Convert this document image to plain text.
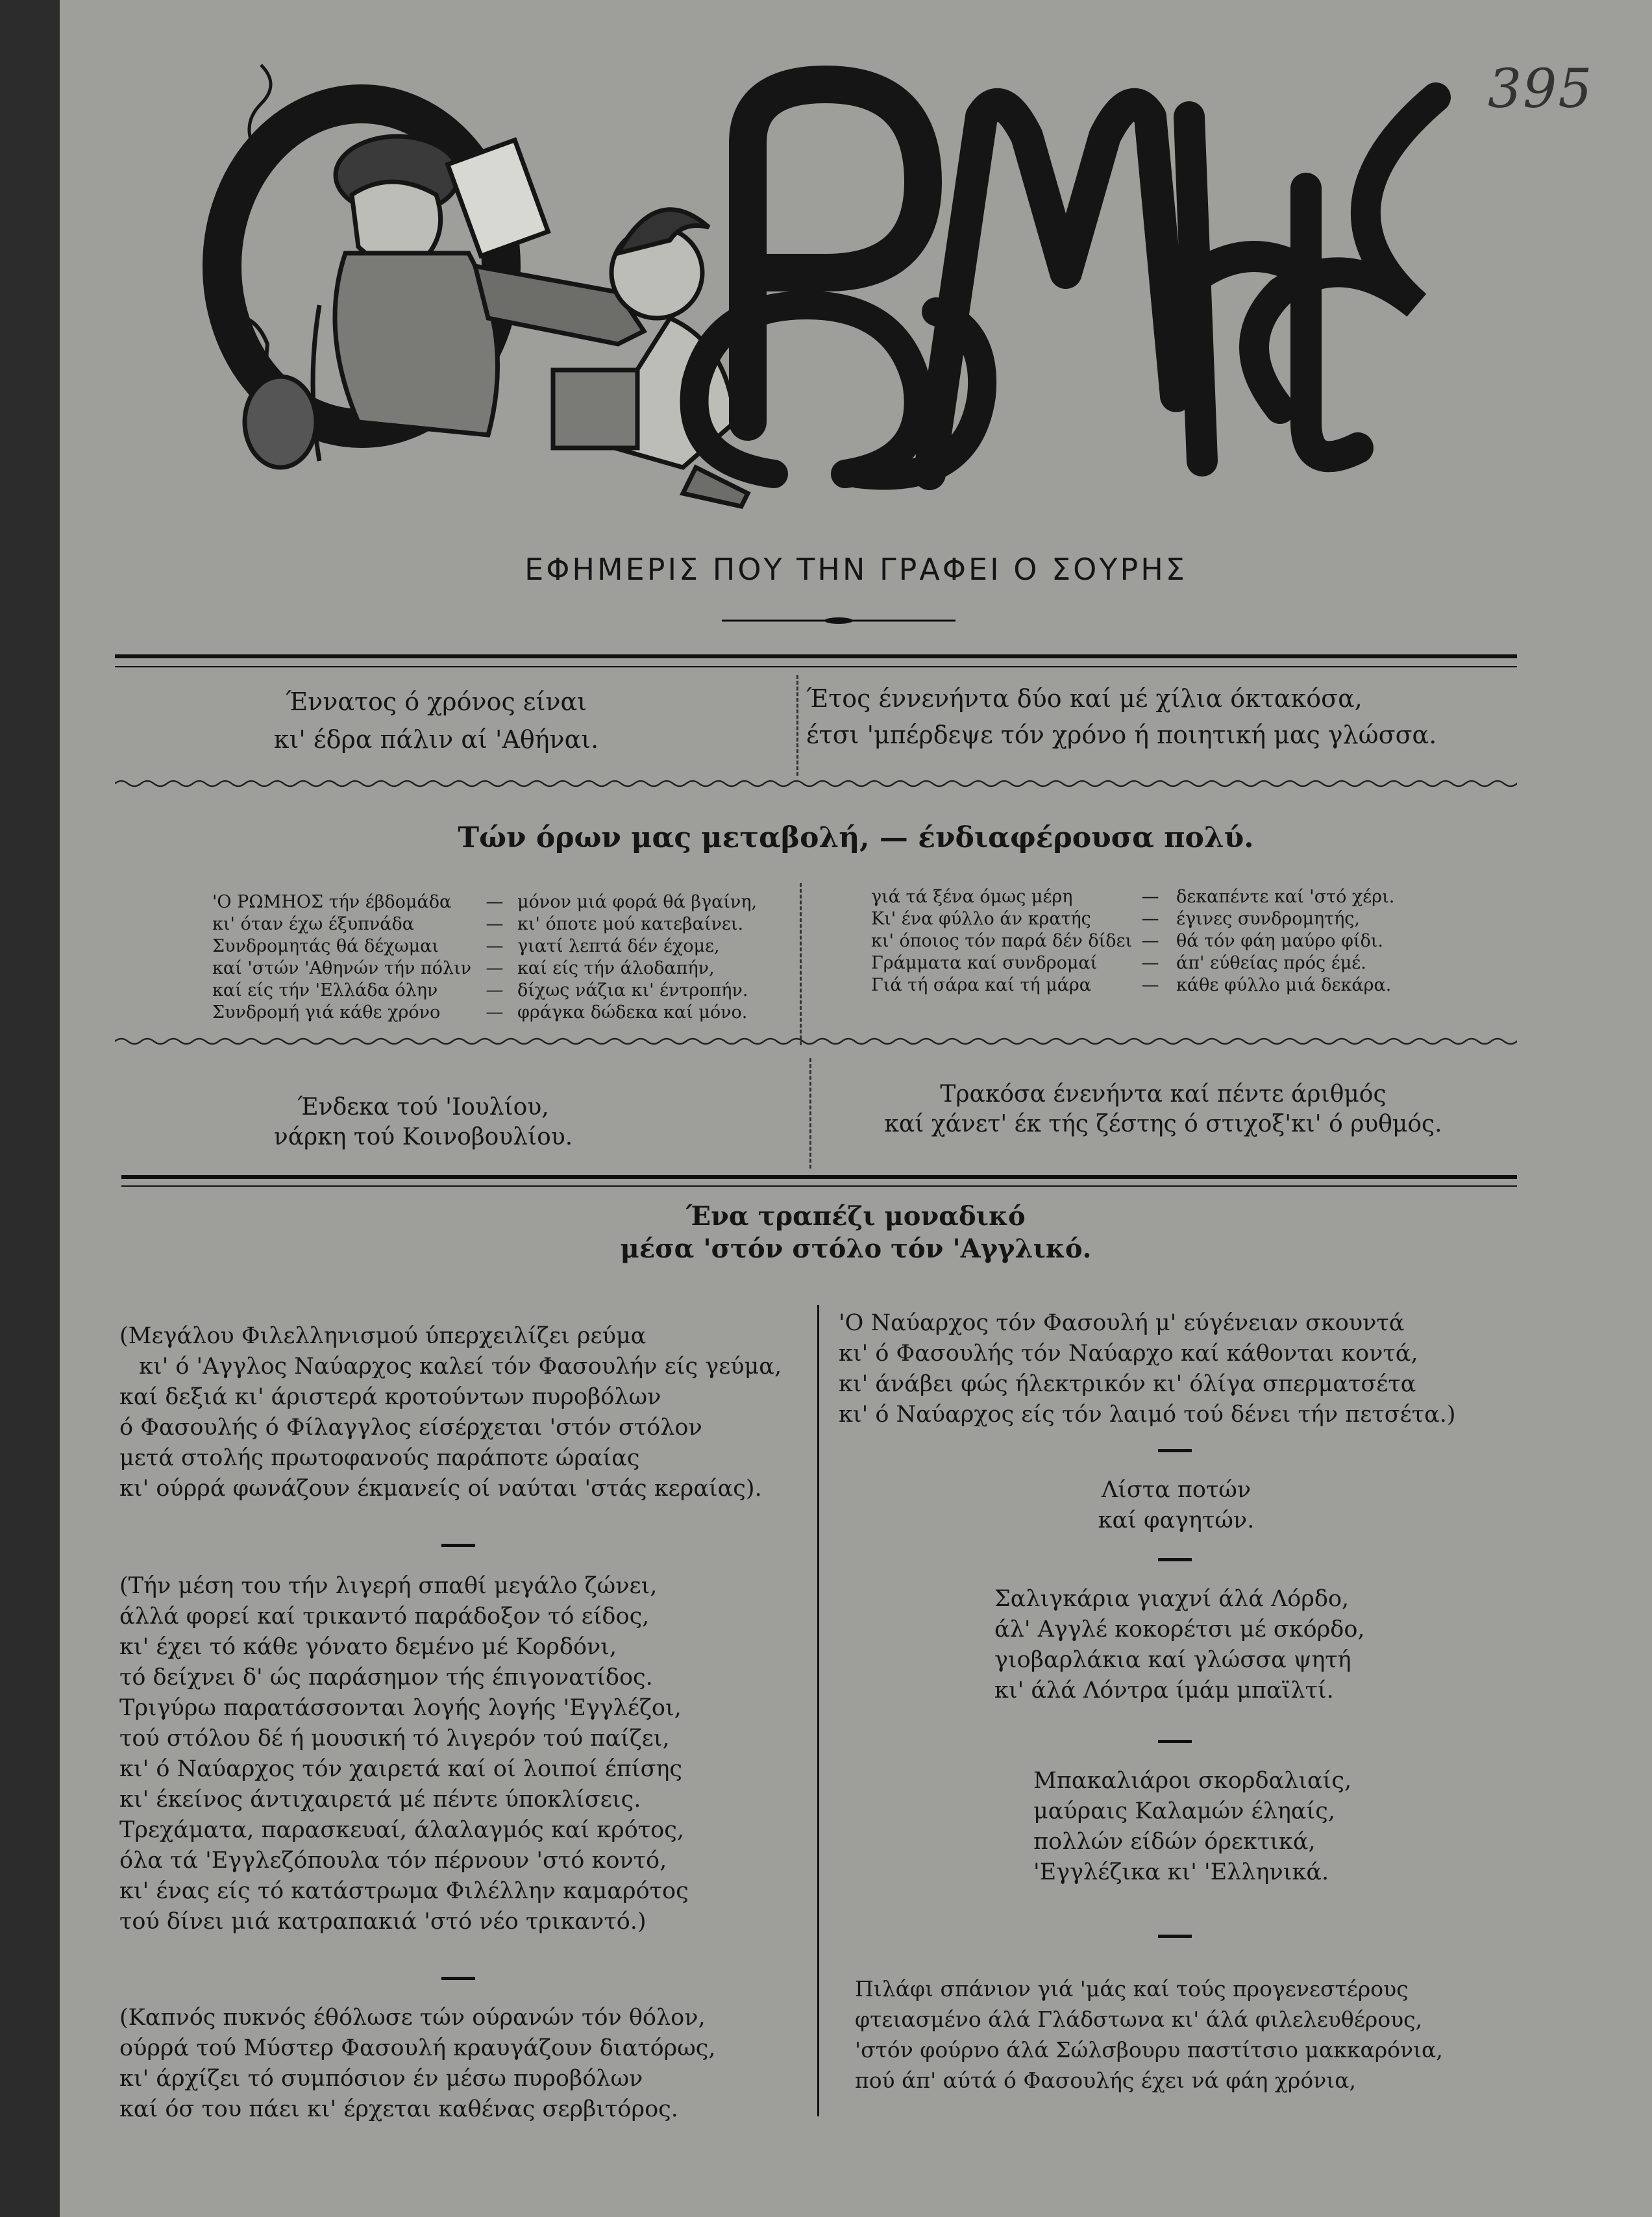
395
ΕΦΗΜΕΡΙΣ ΠΟΥ ΤΗΝ ΓΡΑΦΕΙ Ο ΣΟΥΡΗΣ
Έννατος ό χρόνος είναι
κι' έδρα πάλιν αί 'Αθήναι.
Έτος έννενήντα δύο καί μέ χίλια όκτακόσα,
έτσι 'μπέρδεψε τόν χρόνο ή ποιητική μας γλώσσα.
Τών όρων μας μεταβολή, — ένδιαφέρουσα πολύ.
'Ο ΡΩΜΗΟΣ τήν έβδομάδα	— μόνον μιά φορά θά βγαίνη,
κι' όταν έχω έξυπνάδα	— κι' όποτε μού κατεβαίνει.
Συνδρομητάς θά δέχωμαι	— γιατί λεπτά δέν έχομε,
καί 'στών 'Αθηνών τήν πόλιν — καί είς τήν άλοδαπήν,
καί είς τήν 'Ελλάδα όλην	— δίχως νάζια κι' έντροπήν.
Συνδρομή γιά κάθε χρόνο	— φράγκα δώδεκα καί μόνο.
γιά τά ξένα όμως μέρη	— δεκαπέντε καί 'στό χέρι.
Κι' ένα φύλλο άν κρατής	— έγινες συνδρομητής,
κι' όποιος τόν παρά δέν δίδει — θά τόν φάη μαύρο φίδι.
Γράμματα καί συνδρομαί	— άπ' εύθείας πρός έμέ.
Γιά τή σάρα καί τή μάρα	— κάθε φύλλο μιά δεκάρα.
Ένδεκα τού 'Ιουλίου,
νάρκη τού Κοινοβουλίου.
Τρακόσα ένενήντα καί πέντε άριθμός
καί χάνετ' έκ τής ζέστης ό στιχοξ'κι' ό ρυθμός.
Ένα τραπέζι μοναδικό
μέσα 'στόν στόλο τόν 'Αγγλικό.
(Μεγάλου Φιλελληνισμού ύπερχειλίζει ρεύμα
κι' ό 'Αγγλος Ναύαρχος καλεί τόν Φασουλήν είς γεύμα,
καί δεξιά κι' άριστερά κροτούντων πυροβόλων
ό Φασουλής ό Φίλαγγλος είσέρχεται 'στόν στόλον
μετά στολής πρωτοφανούς παράποτε ώραίας
κι' ούρρά φωνάζουν έκμανείς οί ναύται 'στάς κεραίας).
(Τήν μέση του τήν λιγερή σπαθί μεγάλο ζώνει,
άλλά φορεί καί τρικαντό παράδοξον τό είδος,
κι' έχει τό κάθε γόνατο δεμένο μέ Κορδόνι,
τό δείχνει δ' ώς παράσημον τής έπιγονατίδος.
Τριγύρω παρατάσσονται λογής λογής 'Εγγλέζοι,
τού στόλου δέ ή μουσική τό λιγερόν τού παίζει,
κι' ό Ναύαρχος τόν χαιρετά καί οί λοιποί έπίσης
κι' έκείνος άντιχαιρετά μέ πέντε ύποκλίσεις.
Τρεχάματα, παρασκευαί, άλαλαγμός καί κρότος,
όλα τά 'Εγγλεζόπουλα τόν πέρνουν 'στό κοντό,
κι' ένας είς τό κατάστρωμα Φιλέλλην καμαρότος
τού δίνει μιά κατραπακιά 'στό νέο τρικαντό.)
(Καπνός πυκνός έθόλωσε τών ούρανών τόν θόλον,
ούρρά τού Μύστερ Φασουλή κραυγάζουν διατόρως,
κι' άρχίζει τό συμπόσιον έν μέσω πυροβόλων
καί όσ του πάει κι' έρχεται καθένας σερβιτόρος.
'Ο Ναύαρχος τόν Φασουλή μ' εύγένειαν σκουντά
κι' ό Φασουλής τόν Ναύαρχο καί κάθονται κοντά,
κι' άνάβει φώς ήλεκτρικόν κι' όλίγα σπερματσέτα
κι' ό Ναύαρχος είς τόν λαιμό τού δένει τήν πετσέτα.)
Λίστα ποτών
καί φαγητών.
Σαλιγκάρια γιαχνί άλά Λόρδο,
άλ' Αγγλέ κοκορέτσι μέ σκόρδο,
γιοβαρλάκια καί γλώσσα ψητή
κι' άλά Λόντρα ίμάμ μπαϊλτί.
Μπακαλιάροι σκορδαλιαίς,
μαύραις Καλαμών έληαίς,
πολλών είδών όρεκτικά,
'Εγγλέζικα κι' 'Ελληνικά.
Πιλάφι σπάνιον γιά 'μάς καί τούς προγενεστέρους
φτειασμένο άλά Γλάδστωνα κι' άλά φιλελευθέρους,
'στόν φούρνο άλά Σώλσβουρυ παστίτσιο μακκαρόνια,
πού άπ' αύτά ό Φασουλής έχει νά φάη χρόνια,
